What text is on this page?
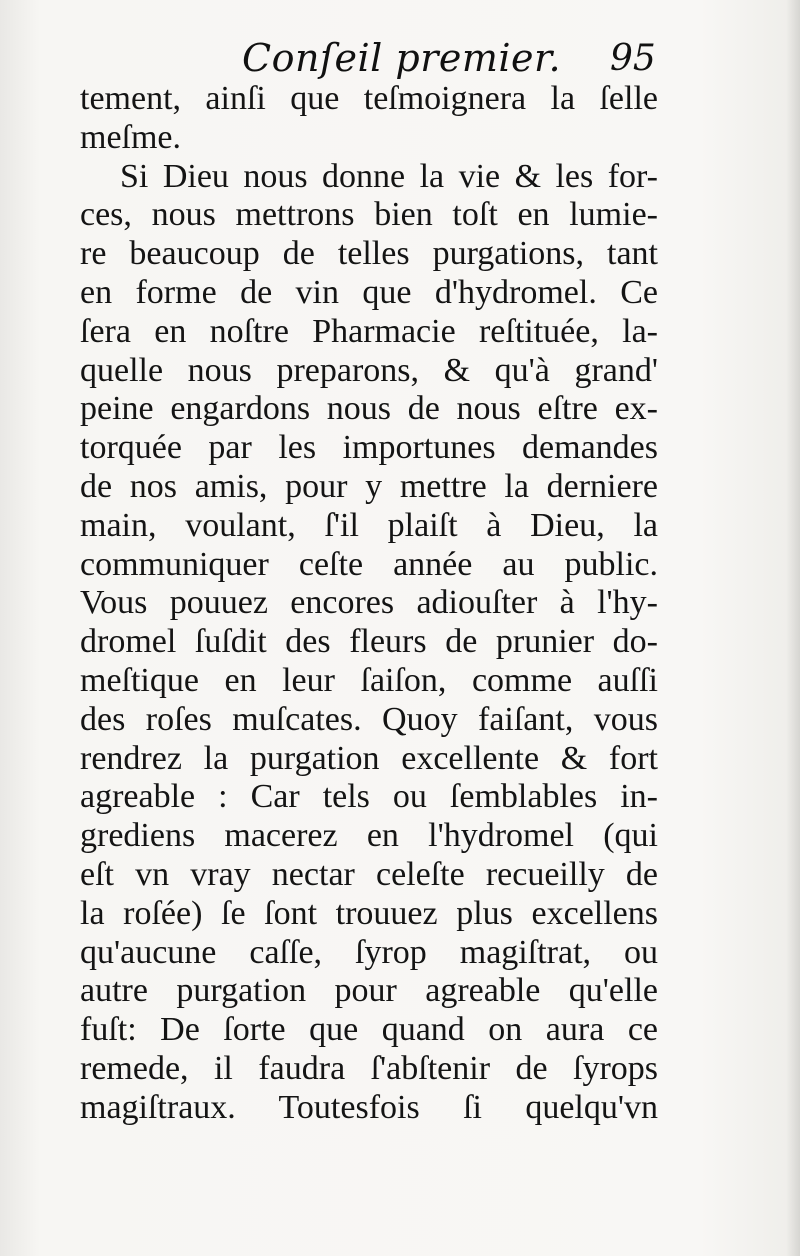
Conſeil premier. 95
tement, ainſi que teſmoignera la ſelle
meſme.
Si Dieu nous donne la vie & les for-
ces, nous mettrons bien toſt en lumie-
re beaucoup de telles purgations, tant
en forme de vin que d'hydromel. Ce
ſera en noſtre Pharmacie reſtituée, la-
quelle nous preparons, & qu'à grand'
peine engardons nous de nous eſtre ex-
torquée par les importunes demandes
de nos amis, pour y mettre la derniere
main, voulant, ſ'il plaiſt à Dieu, la
communiquer ceſte année au public.
Vous pouuez encores adiouſter à l'hy-
dromel ſuſdit des fleurs de prunier do-
meſtique en leur ſaiſon, comme auſſi
des roſes muſcates. Quoy faiſant, vous
rendrez la purgation excellente & fort
agreable : Car tels ou ſemblables in-
grediens macerez en l'hydromel (qui
eſt vn vray nectar celeſte recueilly de
la roſée) ſe ſont trouuez plus excellens
qu'aucune caſſe, ſyrop magiſtrat, ou
autre purgation pour agreable qu'elle
fuſt: De ſorte que quand on aura ce
remede, il faudra ſ'abſtenir de ſyrops
magiſtraux. Toutesfois ſi quelqu'vn
